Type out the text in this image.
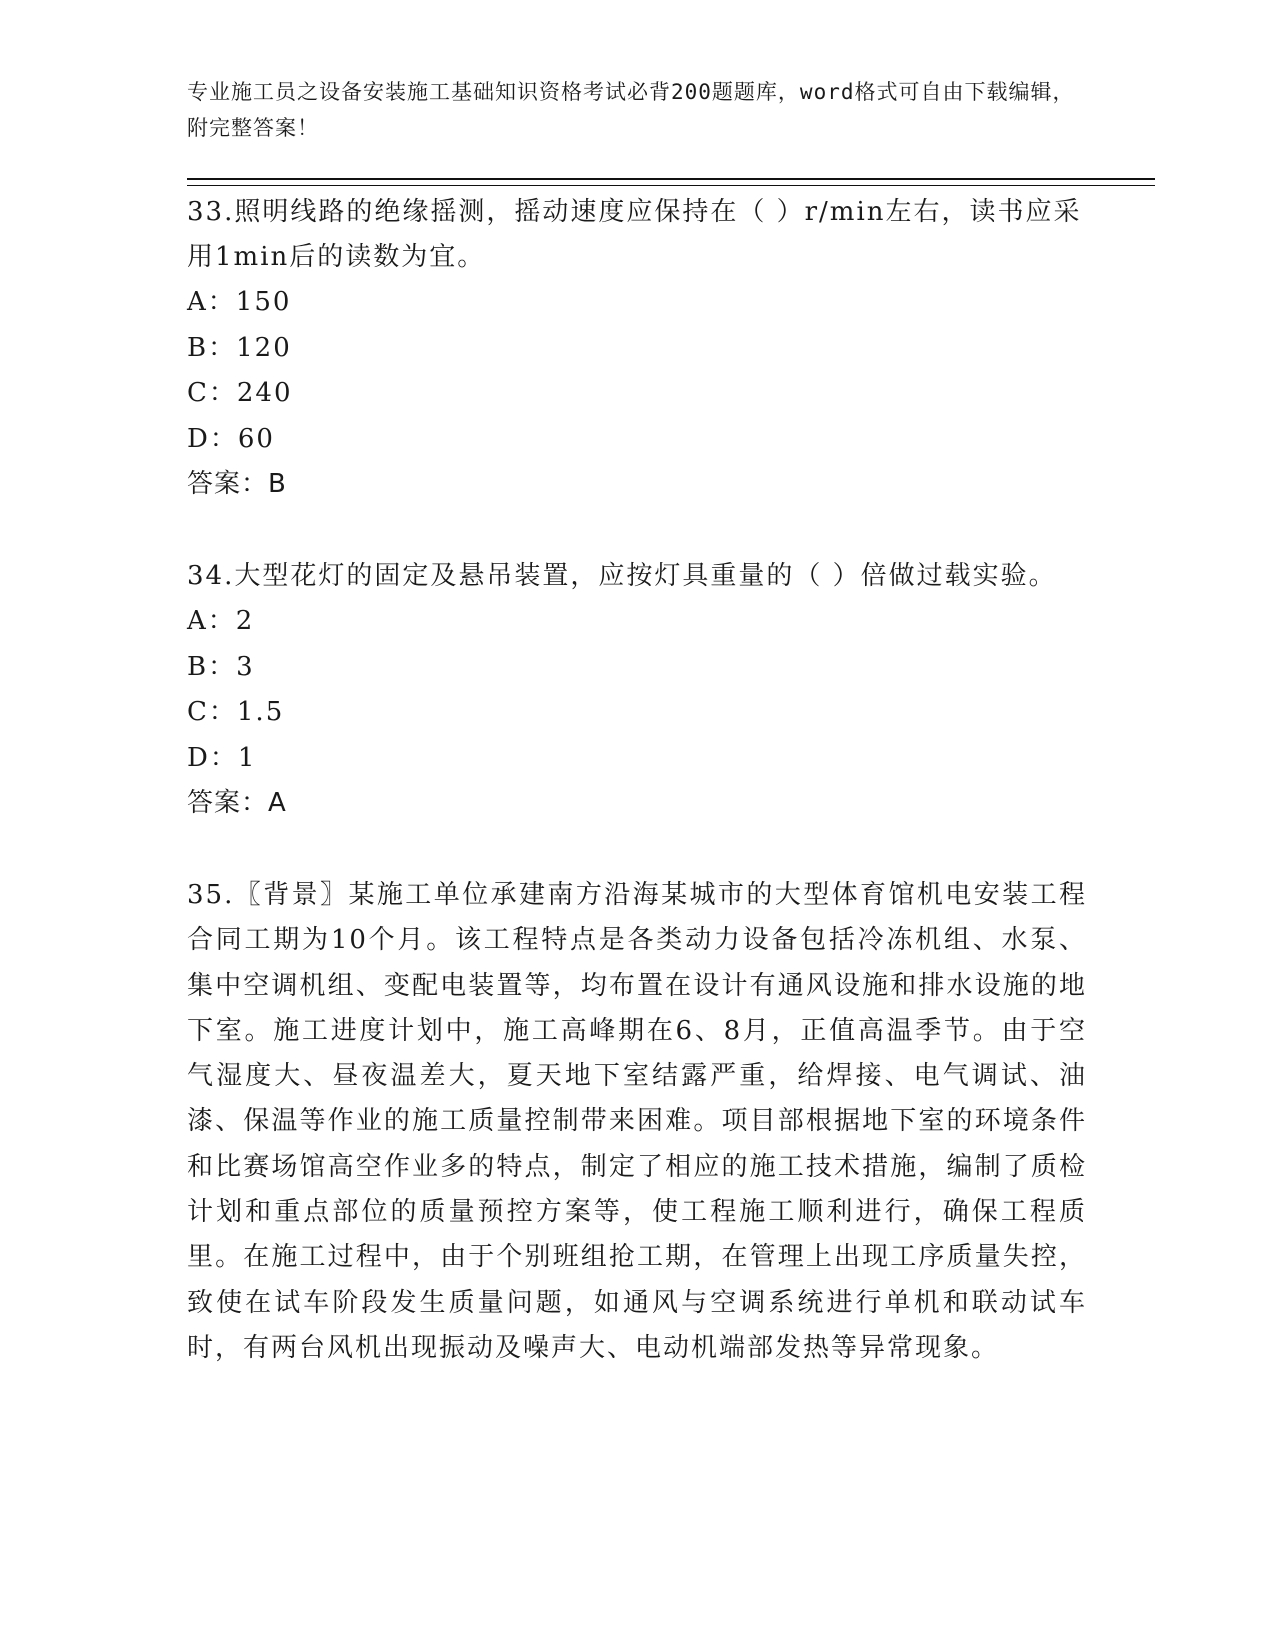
专业施工员之设备安装施工基础知识资格考试必背200题题库，word格式可自由下载编辑，附完整答案！

33.照明线路的绝缘摇测，摇动速度应保持在（ ）r/min左右，读书应采用1min后的读数为宜。

A：150

B：120

C：240

D：60

答案：B

34.大型花灯的固定及悬吊装置，应按灯具重量的（ ）倍做过载实验。

A：2

B：3

C：1.5

D：1

答案：A

35.〖背景〗某施工单位承建南方沿海某城市的大型体育馆机电安装工程合同工期为10个月。该工程特点是各类动力设备包括冷冻机组、水泵、集中空调机组、变配电装置等，均布置在设计有通风设施和排水设施的地下室。施工进度计划中，施工高峰期在6、8月，正值高温季节。由于空气湿度大、昼夜温差大，夏天地下室结露严重，给焊接、电气调试、油漆、保温等作业的施工质量控制带来困难。项目部根据地下室的环境条件和比赛场馆高空作业多的特点，制定了相应的施工技术措施，编制了质检计划和重点部位的质量预控方案等，使工程施工顺利进行，确保工程质里。在施工过程中，由于个别班组抢工期，在管理上出现工序质量失控，致使在试车阶段发生质量问题，如通风与空调系统进行单机和联动试车时，有两台风机出现振动及噪声大、电动机端部发热等异常现象。
